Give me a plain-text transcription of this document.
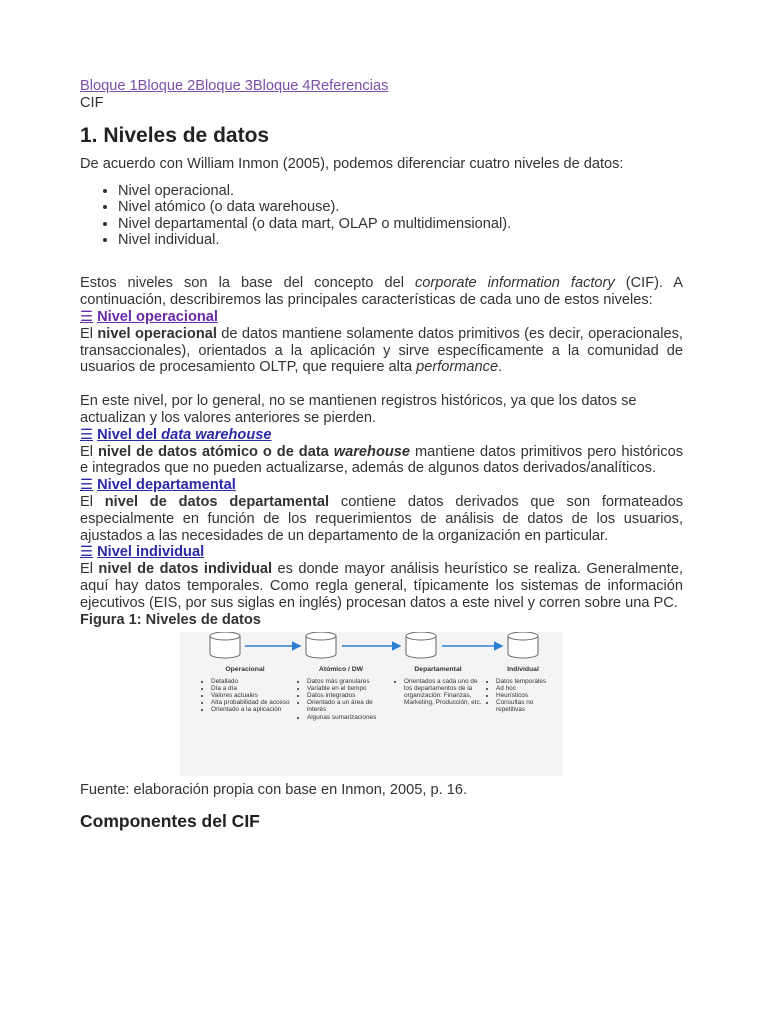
Bloque 1Bloque 2Bloque 3Bloque 4Referencias
CIF
1. Niveles de datos

De acuerdo con William Inmon (2005), podemos diferenciar cuatro niveles de datos:

• Nivel operacional.
• Nivel atómico (o data warehouse).
• Nivel departamental (o data mart, OLAP o multidimensional).
• Nivel individual.

Estos niveles son la base del concepto del corporate information factory (CIF). A continuación, describiremos las principales características de cada uno de estos niveles:

☰ Nivel operacional

El nivel operacional de datos mantiene solamente datos primitivos (es decir, operacionales, transaccionales), orientados a la aplicación y sirve específicamente a la comunidad de usuarios de procesamiento OLTP, que requiere alta performance.

En este nivel, por lo general, no se mantienen registros históricos, ya que los datos se actualizan y los valores anteriores se pierden.

☰ Nivel del data warehouse

El nivel de datos atómico o de data warehouse mantiene datos primitivos pero históricos e integrados que no pueden actualizarse, además de algunos datos derivados/analíticos.

☰ Nivel departamental

El nivel de datos departamental contiene datos derivados que son formateados especialmente en función de los requerimientos de análisis de datos de los usuarios, ajustados a las necesidades de un departamento de la organización en particular.

☰ Nivel individual

El nivel de datos individual es donde mayor análisis heurístico se realiza. Generalmente, aquí hay datos temporales. Como regla general, típicamente los sistemas de información ejecutivos (EIS, por sus siglas en inglés) procesan datos a este nivel y corren sobre una PC.

Figura 1: Niveles de datos
Operacional
• Detallado
• Día a día
• Valores actuales
• Alta probabilidad de acceso
• Orientado a la aplicación
Atómico / DW
• Datos más granulares
• Variable en el tiempo
• Datos integrados
• Orientado a un área de interés
• Algunas sumarizaciones
Departamental
• Orientados a cada uno de los departamentos de la organización: Finanzas, Marketing, Producción, etc.
Individual
• Datos temporales
• Ad hoc
• Heurísticos
• Consultas no repetitivas

Fuente: elaboración propia con base en Inmon, 2005, p. 16.

Componentes del CIF
